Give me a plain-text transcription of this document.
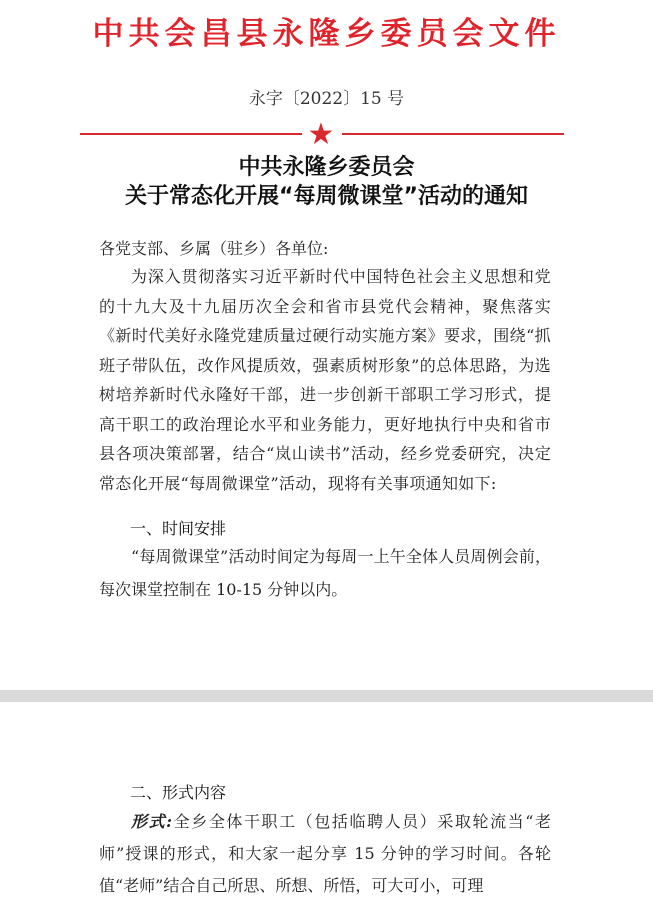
中共会昌县永隆乡委员会文件
永字〔2022〕15 号
★
中共永隆乡委员会
关于常态化开展“每周微课堂”活动的通知
各党支部、乡属（驻乡）各单位:

为深入贯彻落实习近平新时代中国特色社会主义思想和党的十九大及十九届历次全会和省市县党代会精神，聚焦落实《新时代美好永隆党建质量过硬行动实施方案》要求，围绕“抓班子带队伍，改作风提质效，强素质树形象”的总体思路，为选树培养新时代永隆好干部，进一步创新干部职工学习形式，提高干职工的政治理论水平和业务能力，更好地执行中央和省市县各项决策部署，结合“岚山读书”活动，经乡党委研究，决定常态化开展“每周微课堂”活动，现将有关事项通知如下:

一、时间安排

“每周微课堂”活动时间定为每周一上午全体人员周例会前，每次课堂控制在 10-15 分钟以内。

二、形式内容

形式:全乡全体干职工（包括临聘人员）采取轮流当“老师”授课的形式，和大家一起分享 15 分钟的学习时间。各轮值“老师”结合自己所思、所想、所悟，可大可小，可理
